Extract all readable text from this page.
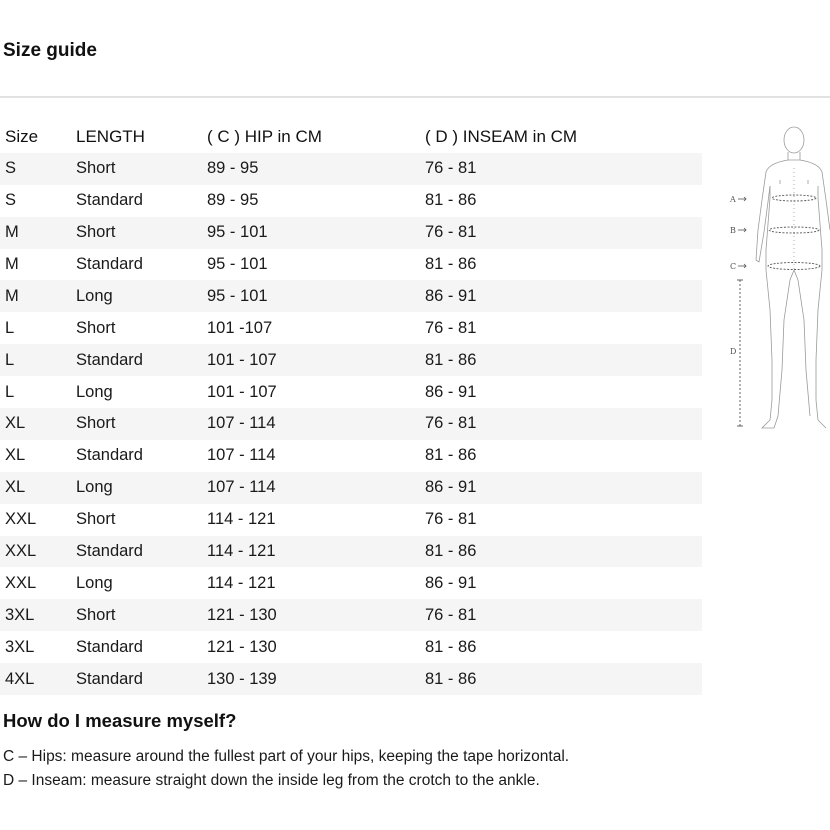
Size guide
Size LENGTH	( C ) HIP in CM	( D ) INSEAM in CM
S	Short	89 - 95	76 - 81
S	Standard	89 - 95	81 - 86
M	Short	95 - 101	76 - 81
M	Standard	95 - 101	81 - 86
M	Long	95 - 101	86 - 91
L	Short	101 -107	76 - 81
L	Standard	101 - 107	81 - 86
L	Long	101 - 107	86 - 91
XL	Short	107 - 114	76 - 81
XL	Standard	107 - 114	81 - 86
XL	Long	107 - 114	86 - 91
XXL Short	114 - 121	76 - 81
XXL Standard	114 - 121	81 - 86
XXL Long	114 - 121	86 - 91
3XL	Short	121 - 130	76 - 81
3XL	Standard	121 - 130	81 - 86
4XL	Standard	130 - 139	81 - 86
A
B
C
D
How do I measure myself?
C – Hips: measure around the fullest part of your hips, keeping the tape horizontal.
D – Inseam: measure straight down the inside leg from the crotch to the ankle.
